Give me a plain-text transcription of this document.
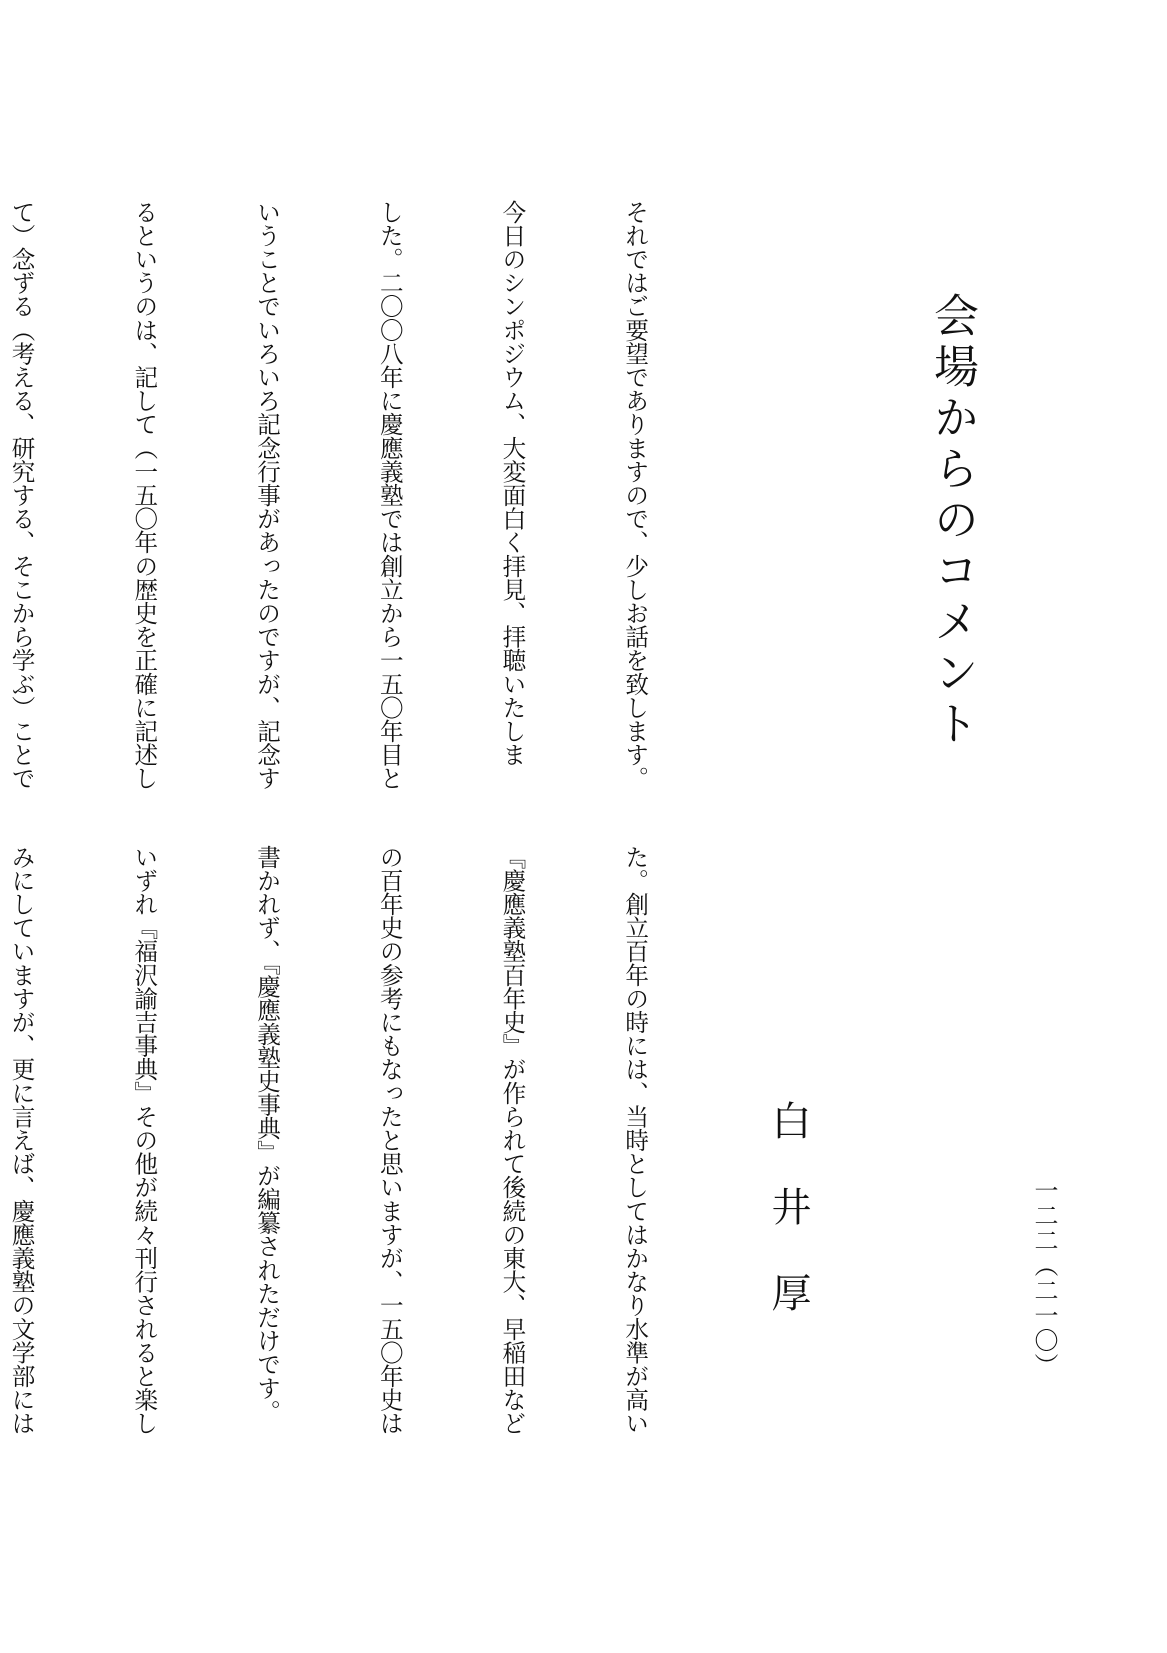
会場からのコメント
白井厚	一二二（二一〇）

それではご要望でありますので、少しお話を致します。

今日のシンポジウム、大変面白く拝見、拝聴いたしま

した。二〇〇八年に慶應義塾では創立から一五〇年目と

いうことでいろいろ記念行事があったのですが、記念す

るというのは、記して（一五〇年の歴史を正確に記述し

て）念ずる（考える、研究する、そこから学ぶ）ことで

た。創立百年の時には、当時としてはかなり水準が高い

『慶應義塾百年史』が作られて後続の東大、早稲田など

の百年史の参考にもなったと思いますが、一五〇年史は

書かれず、『慶應義塾史事典』が編纂されただけです。

いずれ『福沢諭吉事典』その他が続々刊行されると楽し

みにしていますが、更に言えば、慶應義塾の文学部には
